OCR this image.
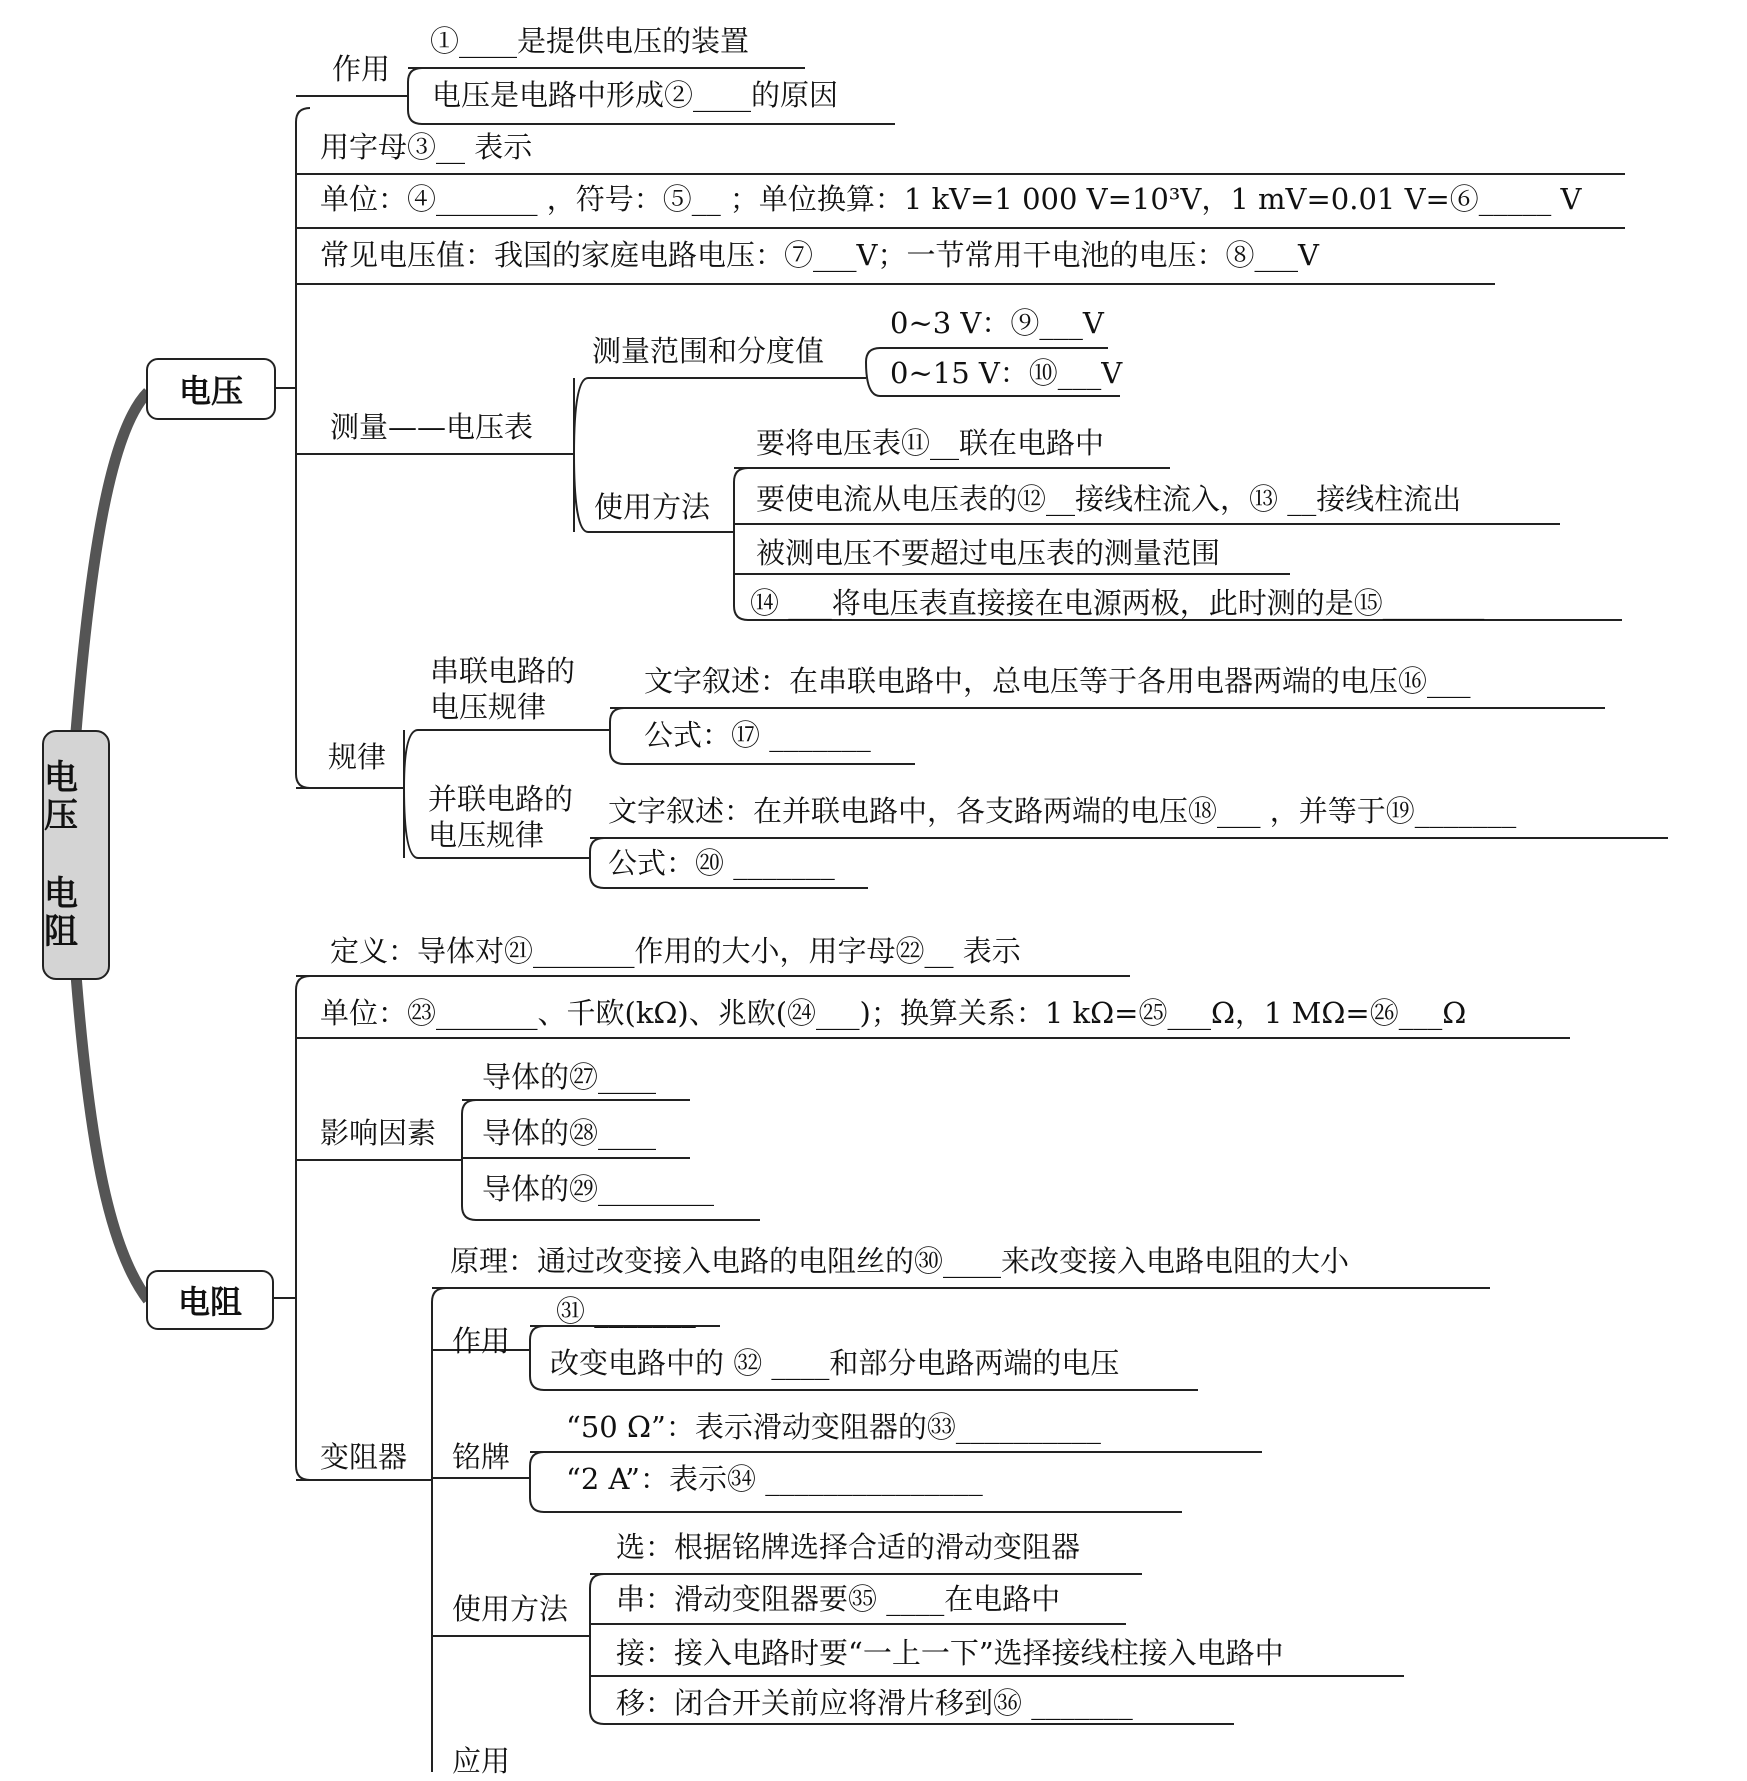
电压
电阻
电压
作用
①____是提供电压的装置
电压是电路中形成②____的原因
用字母③__ 表示
单位：④_______ ，符号：⑤__ ；单位换算：1 kV=1 000 V=10³V，1 mV=0.01 V=⑥_____ V
常见电压值：我国的家庭电路电压：⑦___V；一节常用干电池的电压：⑧___V
测量——电压表
测量范围和分度值
0~3 V：⑨___V
0~15 V：⑩___V
使用方法
要将电压表⑪__联在电路中
要使电流从电压表的⑫__接线柱流入，⑬ __接线柱流出
被测电压不要超过电压表的测量范围
⑭ ___将电压表直接接在电源两极，此时测的是⑮_______
规律
串联电路的
电压规律
文字叙述：在串联电路中，总电压等于各用电器两端的电压⑯___
公式：⑰ _______
并联电路的
电压规律
文字叙述：在并联电路中，各支路两端的电压⑱___ ，并等于⑲_______
公式：⑳ _______
电阻
定义：导体对㉑_______作用的大小，用字母㉒__ 表示
单位：㉓_______、千欧(kΩ)、兆欧(㉔___)；换算关系：1 kΩ=㉕___Ω，1 MΩ=㉖___Ω
影响因素
导体的㉗____
导体的㉘____
导体的㉙________
变阻器
原理：通过改变接入电路的电阻丝的㉚____来改变接入电路电阻的大小
作用
㉛ _______
改变电路中的 ㉜ ____和部分电路两端的电压
铭牌
“50 Ω”：表示滑动变阻器的㉝__________
“2 A”：表示㉞ _______________
使用方法
选：根据铭牌选择合适的滑动变阻器
串：滑动变阻器要㉟ ____在电路中
接：接入电路时要“一上一下”选择接线柱接入电路中
移：闭合开关前应将滑片移到㊱ _______
应用
